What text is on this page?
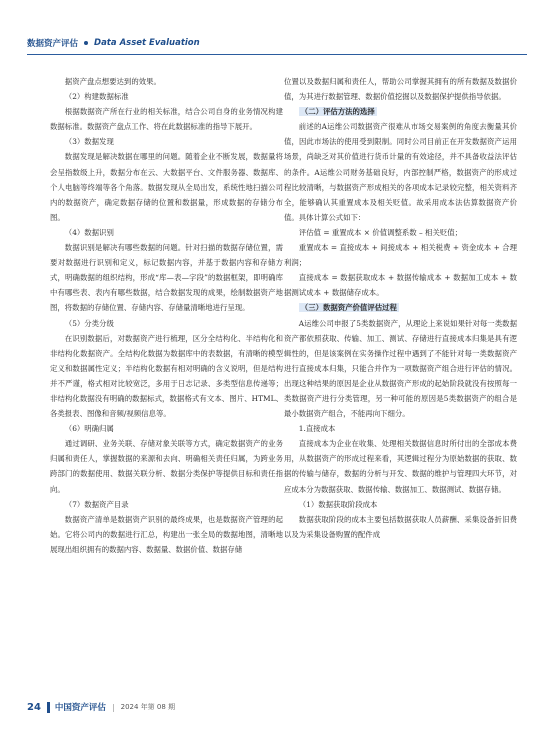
数据资产评估 Data Asset Evaluation

据资产盘点想要达到的效果。

（2）构建数据标准

根据数据资产所在行业的相关标准，结合公司自身的业务情况构建数据标准。数据资产盘点工作、将在此数据标准的指导下展开。

（3）数据发现

数据发现是解决数据在哪里的问题。随着企业不断发展，数据量将会呈指数级上升，数据分布在云、大数据平台、文件服务器、数据库、个人电脑等终端等各个角落。数据发现从全局出发，系统性地扫描公司内的数据资产，确定数据存储的位置和数据量，形成数据的存储分布图。

（4）数据识别

数据识别是解决有哪些数据的问题。针对扫描的数据存储位置，需要对数据进行识别和定义，标记数据内容，并基于数据内容和存储方式，明确数据的组织结构，形成“库—表—字段”的数据框架，即明确库中有哪些表、表内有哪些数据，结合数据发现的成果，绘制数据资产地图，将数据的存储位置、存储内容、存储量清晰地进行呈现。

（5）分类分级

在识别数据后，对数据资产进行梳理，区分全结构化、半结构化和非结构化数据资产。全结构化数据为数据库中的表数据，有清晰的模型定义和数据属性定义；半结构化数据有相对明确的含义说明，但是结构并不严谨，格式相对比较宽泛，多用于日志记录、多类型信息传递等；非结构化数据没有明确的数据标式，数据格式有文本、图片、HTML、各类报表、图像和音频/视频信息等。

（6）明确归属

通过调研、业务关联、存储对象关联等方式，确定数据资产的业务归属和责任人，掌握数据的来源和去向、明确相关责任归属，为跨业务跨部门的数据使用、数据关联分析、数据分类保护等提供目标和责任指向。

（7）数据资产目录

数据资产清单是数据资产识别的最终成果，也是数据资产管理的起始。它将公司内的数据进行汇总，构建出一张全局的数据地图，清晰地展现出组织拥有的数据内容、数据量、数据价值、数据存储

位置以及数据归属和责任人，帮助公司掌握其拥有的所有数据及数据价值，为其进行数据管理、数据价值挖掘以及数据保护提供指导依据。

（二）评估方法的选择

前述的A运维公司数据资产很难从市场交易案例的角度去衡量其价值，因此市场法的使用受到限制。同时公司目前正在开发数据资产运用场景，尚缺乏对其价值进行货币计量的有效途径，并不具备收益法评估的条件。A运维公司财务基础良好，内部控制严格，数据资产的形成过程比较清晰，与数据资产形成相关的各项成本记录较完整，相关资料齐全，能够确认其重置成本及相关贬值。故采用成本法估算数据资产价值。具体计算公式如下：

评估值 = 重置成本 × 价值调整系数 – 相关贬值；

重置成本 = 直接成本 + 间接成本 + 相关税费 + 资金成本 + 合理利润；

直接成本 = 数据获取成本 + 数据传输成本 + 数据加工成本 + 数据测试成本 + 数据储存成本。

（三）数据资产价值评估过程

A运维公司申报了5类数据资产，从理论上来说如果针对每一类数据资产都依照获取、传输、加工、测试、存储进行直接成本归集是具有逻辑性的，但是该案例在实务操作过程中遇到了不能针对每一类数据资产进行直接成本归集，只能合并作为一项数据资产组合进行评估的情况。出现这种结果的原因是企业从数据资产形成的起始阶段就没有按照每一类数据资产进行分类管理，另一种可能的原因是5类数据资产的组合是最小数据资产组合，不能再向下细分。

1.直接成本

直接成本为企业在收集、处理相关数据信息时所付出的全部成本费用，从数据资产的形成过程来看，其逻辑过程分为原始数据的获取、数据的传输与储存，数据的分析与开发、数据的维护与管理四大环节，对应成本分为数据获取、数据传输、数据加工、数据测试、数据存储。

（1）数据获取阶段成本

数据获取阶段的成本主要包括数据获取人员薪酬、采集设备折旧费以及为采集设备购置的配件成

24 中国资产评估 | 2024 年第 08 期
